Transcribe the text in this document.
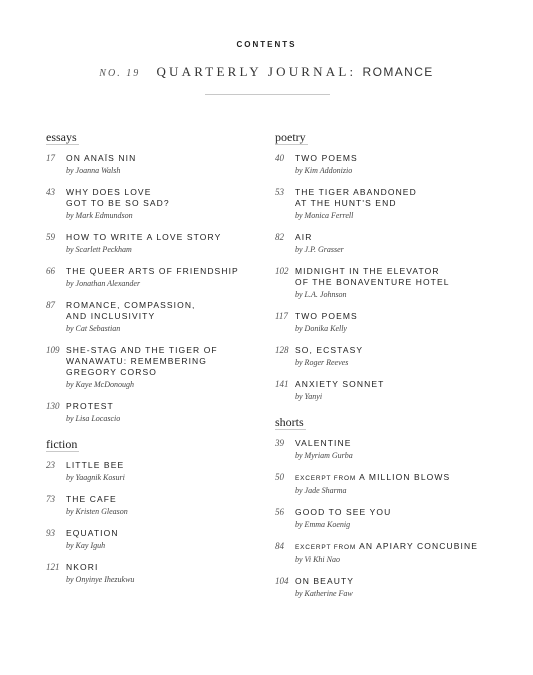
CONTENTS
NO. 19 QUARTERLY JOURNAL: ROMANCE
essays

17	ON ANAÏS NIN
by Joanna Walsh
43	WHY DOES LOVE
GOT TO BE SO SAD?
by Mark Edmundson
59	HOW TO WRITE A LOVE STORY
by Scarlett Peckham
66	THE QUEER ARTS OF FRIENDSHIP
by Jonathan Alexander
87	ROMANCE, COMPASSION,
AND INCLUSIVITY
by Cat Sebastian
109 SHE-STAG AND THE TIGER OF
WANAWATU: REMEMBERING
GREGORY CORSO
by Kaye McDonough
130 PROTEST
by Lisa Locascio
fiction

23	LITTLE BEE
by Yaagnik Kosuri
73	THE CAFE
by Kristen Gleason
93	EQUATION
by Kay Iguh
121 NKORI
by Onyinye Ihezukwu
poetry

40	TWO POEMS
by Kim Addonizio
53	THE TIGER ABANDONED
AT THE HUNT'S END
by Monica Ferrell
82	AIR
by J.P. Grasser
102 MIDNIGHT IN THE ELEVATOR
OF THE BONAVENTURE HOTEL
by L.A. Johnson
117 TWO POEMS
by Donika Kelly
128 SO, ECSTASY
by Roger Reeves
141 ANXIETY SONNET
by Yanyi
shorts

39	VALENTINE
by Myriam Gurba
50	EXCERPT FROM A MILLION BLOWS
by Jade Sharma
56	GOOD TO SEE YOU
by Emma Koenig
84	EXCERPT FROM AN APIARY CONCUBINE
by Vi Khi Nao
104 ON BEAUTY
by Katherine Faw
